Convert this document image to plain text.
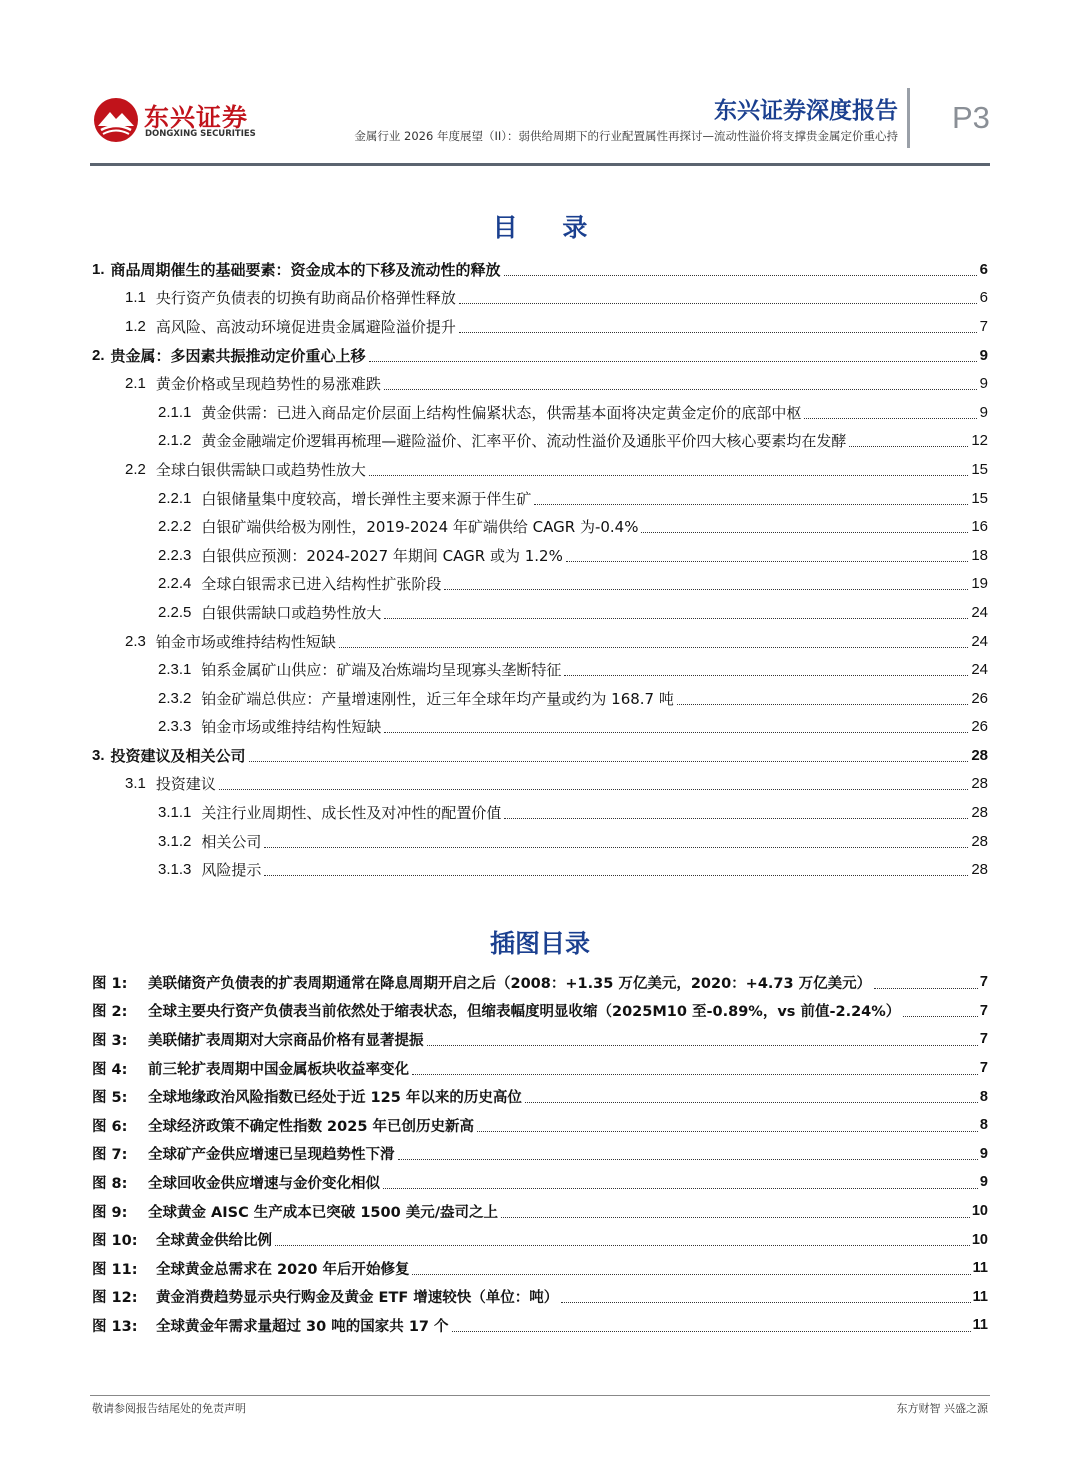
东兴证券
DONGXING SECURITIES
东兴证券深度报告
金属行业 2026 年度展望（II）：弱供给周期下的行业配置属性再探讨—流动性溢价将支撑贵金属定价重心持
P3
目 录
1. 商品周期催生的基础要素：资金成本的下移及流动性的释放	6
1.1 央行资产负债表的切换有助商品价格弹性释放	6
1.2 高风险、高波动环境促进贵金属避险溢价提升	7
2. 贵金属：多因素共振推动定价重心上移	9
2.1 黄金价格或呈现趋势性的易涨难跌	9
2.1.1 黄金供需：已进入商品定价层面上结构性偏紧状态，供需基本面将决定黄金定价的底部中枢	9
2.1.2 黄金金融端定价逻辑再梳理—避险溢价、汇率平价、流动性溢价及通胀平价四大核心要素均在发酵	12
2.2 全球白银供需缺口或趋势性放大	15
2.2.1 白银储量集中度较高，增长弹性主要来源于伴生矿	15
2.2.2 白银矿端供给极为刚性，2019-2024 年矿端供给 CAGR 为-0.4%	16
2.2.3 白银供应预测：2024-2027 年期间 CAGR 或为 1.2%	18
2.2.4 全球白银需求已进入结构性扩张阶段	19
2.2.5 白银供需缺口或趋势性放大	24
2.3 铂金市场或维持结构性短缺	24
2.3.1 铂系金属矿山供应：矿端及冶炼端均呈现寡头垄断特征	24
2.3.2 铂金矿端总供应：产量增速刚性，近三年全球年均产量或约为 168.7 吨	26
2.3.3 铂金市场或维持结构性短缺	26
3. 投资建议及相关公司	28
3.1 投资建议	28
3.1.1 关注行业周期性、成长性及对冲性的配置价值	28
3.1.2 相关公司	28
3.1.3 风险提示	28
插图目录
图 1:	美联储资产负债表的扩表周期通常在降息周期开启之后（2008：+1.35 万亿美元，2020：+4.73 万亿美元）	7
图 2:	全球主要央行资产负债表当前依然处于缩表状态，但缩表幅度明显收缩（2025M10 至-0.89%，vs 前值-2.24%）	7
图 3:	美联储扩表周期对大宗商品价格有显著提振	7
图 4:	前三轮扩表周期中国金属板块收益率变化	7
图 5:	全球地缘政治风险指数已经处于近 125 年以来的历史高位	8
图 6:	全球经济政策不确定性指数 2025 年已创历史新高	8
图 7:	全球矿产金供应增速已呈现趋势性下滑	9
图 8:	全球回收金供应增速与金价变化相似	9
图 9:	全球黄金 AISC 生产成本已突破 1500 美元/盎司之上	10
图 10:	全球黄金供给比例	10
图 11:	全球黄金总需求在 2020 年后开始修复	11
图 12:	黄金消费趋势显示央行购金及黄金 ETF 增速较快（单位：吨）	11
图 13:	全球黄金年需求量超过 30 吨的国家共 17 个	11
敬请参阅报告结尾处的免责声明	东方财智 兴盛之源
